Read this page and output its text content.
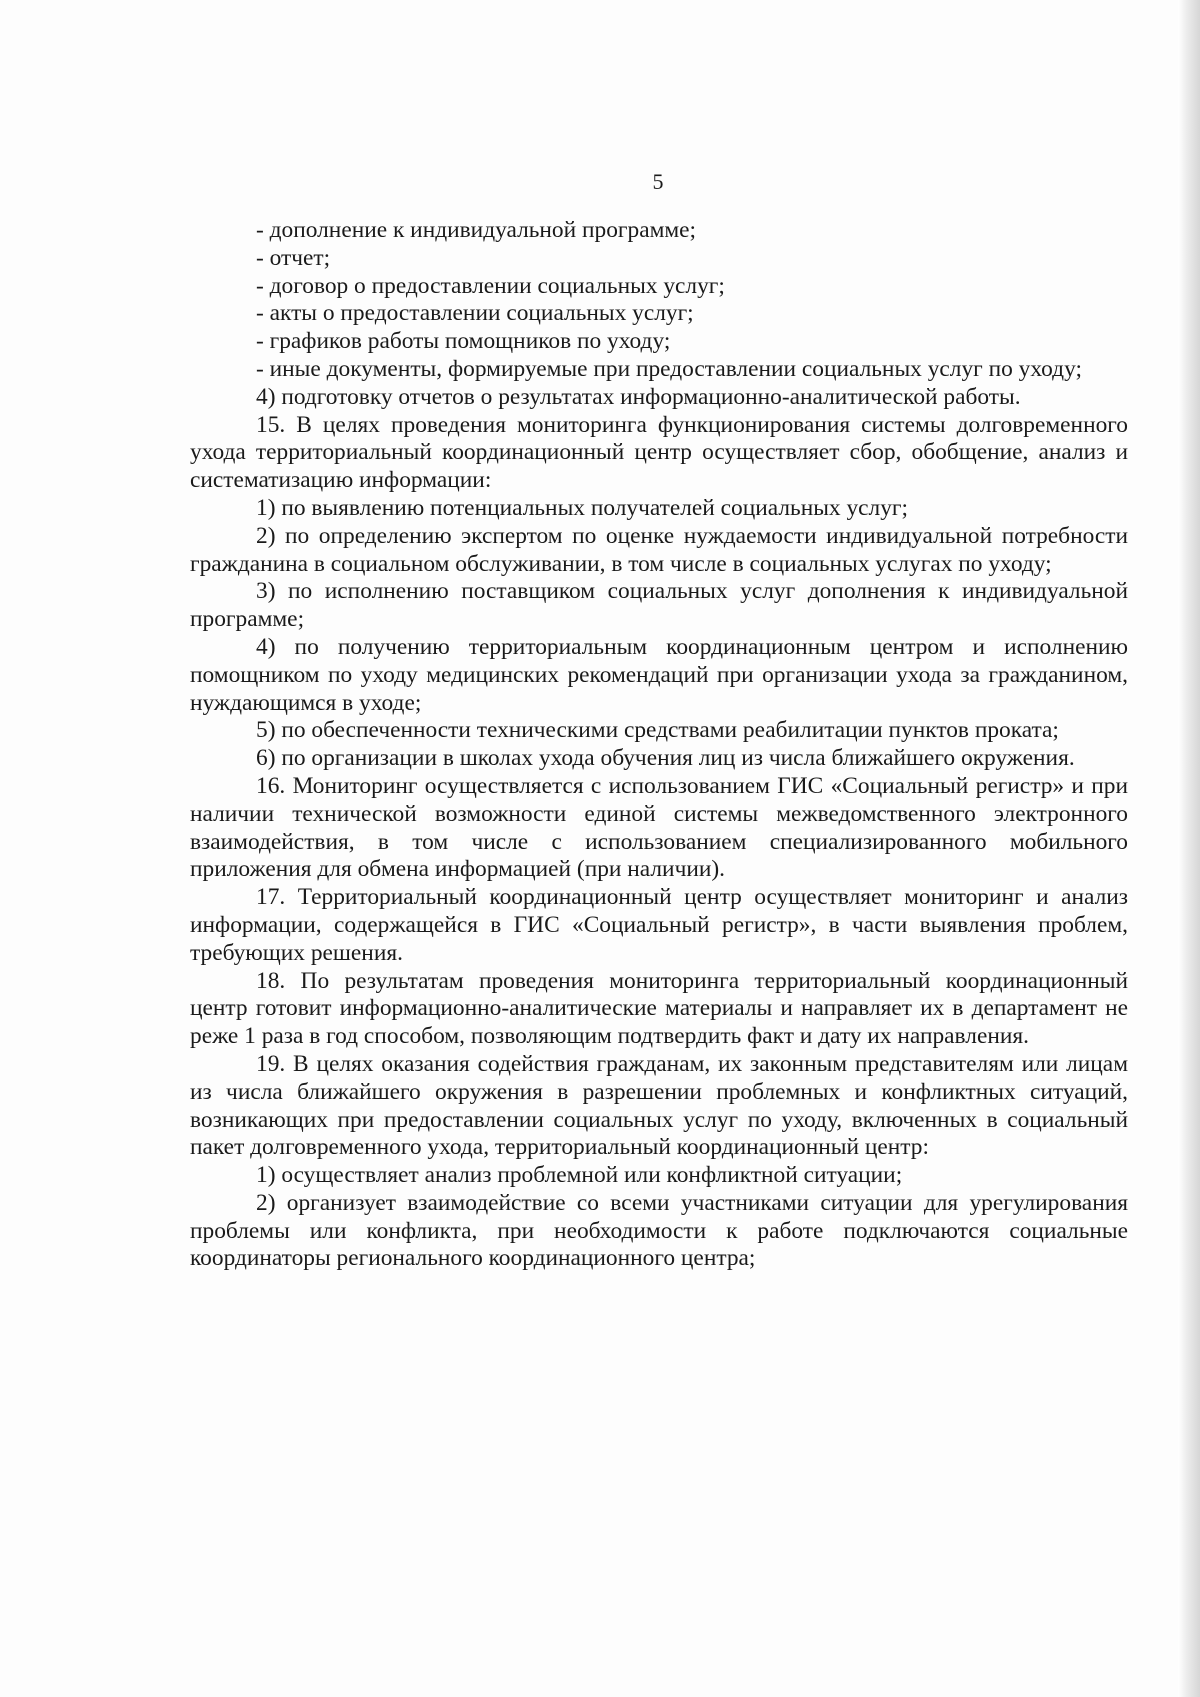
5

- дополнение к индивидуальной программе;

- отчет;

- договор о предоставлении социальных услуг;

- акты о предоставлении социальных услуг;

- графиков работы помощников по уходу;

- иные документы, формируемые при предоставлении социальных услуг по уходу;

4) подготовку отчетов о результатах информационно-аналитической работы.

15. В целях проведения мониторинга функционирования системы долговременного ухода территориальный координационный центр осуществляет сбор, обобщение, анализ и систематизацию информации:

1) по выявлению потенциальных получателей социальных услуг;

2) по определению экспертом по оценке нуждаемости индивидуальной потребности гражданина в социальном обслуживании, в том числе в социальных услугах по уходу;

3) по исполнению поставщиком социальных услуг дополнения к индивидуальной программе;

4) по получению территориальным координационным центром и исполнению помощником по уходу медицинских рекомендаций при организации ухода за гражданином, нуждающимся в уходе;

5) по обеспеченности техническими средствами реабилитации пунктов проката;

6) по организации в школах ухода обучения лиц из числа ближайшего окружения.

16. Мониторинг осуществляется с использованием ГИС «Социальный регистр» и при наличии технической возможности единой системы межведомственного электронного взаимодействия, в том числе с использованием специализированного мобильного приложения для обмена информацией (при наличии).

17. Территориальный координационный центр осуществляет мониторинг и анализ информации, содержащейся в ГИС «Социальный регистр», в части выявления проблем, требующих решения.

18. По результатам проведения мониторинга территориальный координационный центр готовит информационно-аналитические материалы и направляет их в департамент не реже 1 раза в год способом, позволяющим подтвердить факт и дату их направления.

19. В целях оказания содействия гражданам, их законным представителям или лицам из числа ближайшего окружения в разрешении проблемных и конфликтных ситуаций, возникающих при предоставлении социальных услуг по уходу, включенных в социальный пакет долговременного ухода, территориальный координационный центр:

1) осуществляет анализ проблемной или конфликтной ситуации;

2) организует взаимодействие со всеми участниками ситуации для урегулирования проблемы или конфликта, при необходимости к работе подключаются социальные координаторы регионального координационного центра;
